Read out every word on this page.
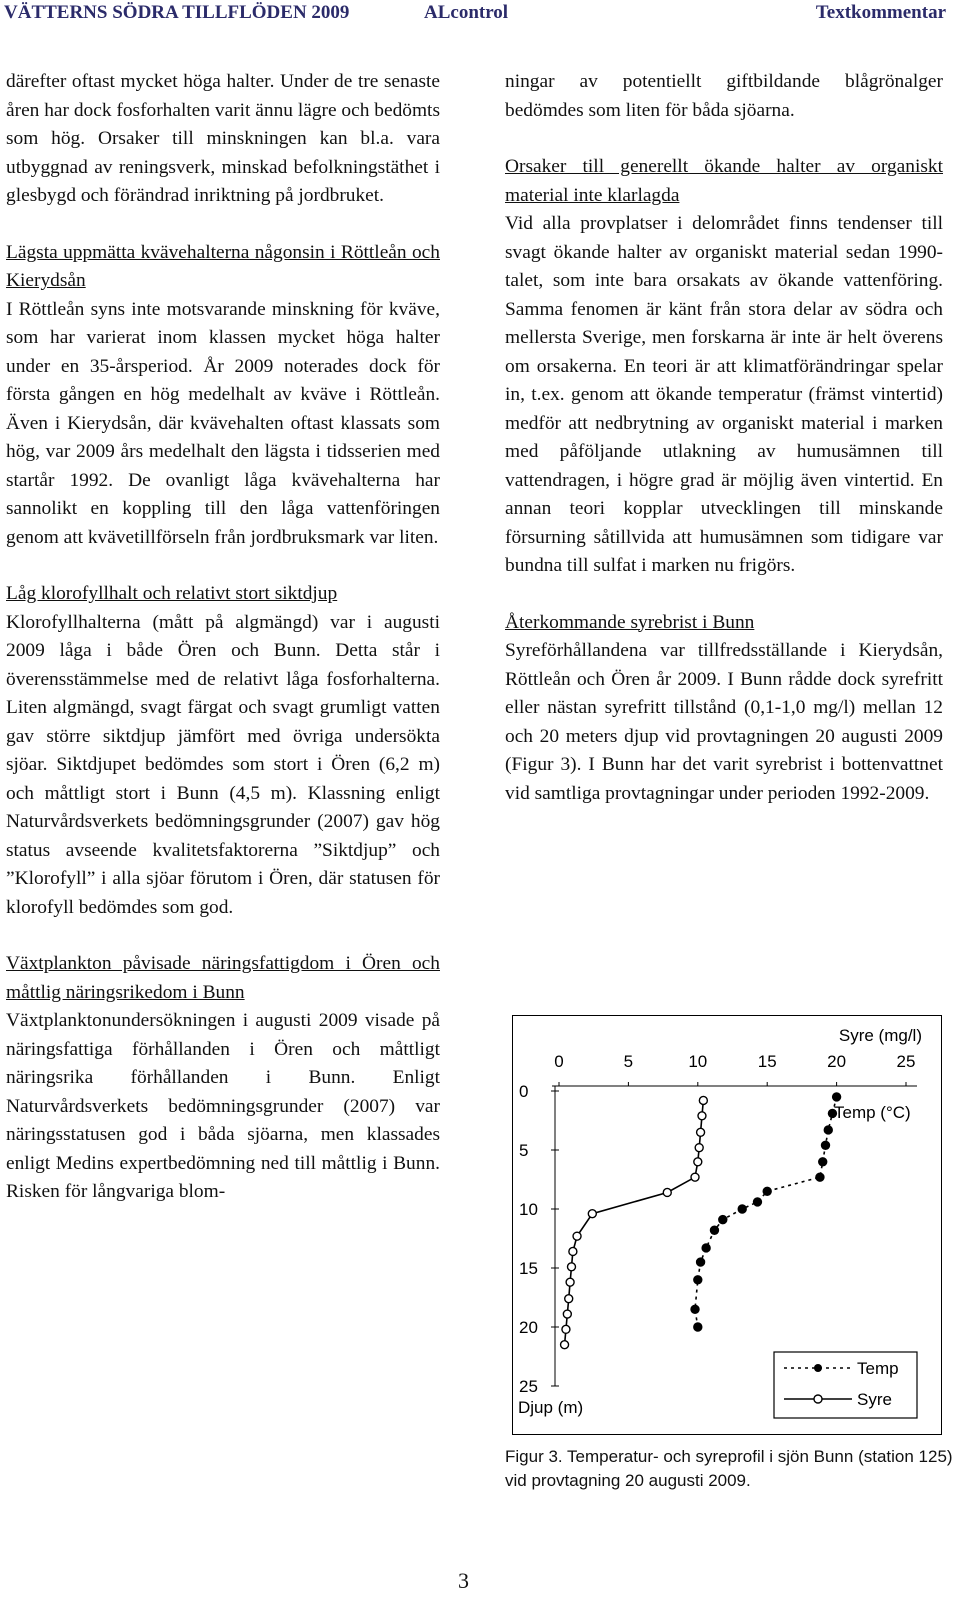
VÄTTERNS SÖDRA TILLFLÖDEN 2009	ALcontrol	Textkommentar

därefter oftast mycket höga halter. Under de tre senaste åren har dock fosforhalten varit ännu lägre och bedömts som hög. Orsaker till minskningen kan bl.a. vara utbyggnad av reningsverk, minskad befolkningstäthet i glesbygd och förändrad inriktning på jordbruket.

Lägsta uppmätta kvävehalterna någonsin i Röttleån och Kierydsån

I Röttleån syns inte motsvarande minskning för kväve, som har varierat inom klassen mycket höga halter under en 35-årsperiod. År 2009 noterades dock för första gången en hög medelhalt av kväve i Röttleån. Även i Kierydsån, där kvävehalten oftast klassats som hög, var 2009 års medelhalt den lägsta i tidsserien med startår 1992. De ovanligt låga kvävehalterna har sannolikt en koppling till den låga vattenföringen genom att kvävetillförseln från jordbruksmark var liten.

Låg klorofyllhalt och relativt stort siktdjup

Klorofyllhalterna (mått på algmängd) var i augusti 2009 låga i både Ören och Bunn. Detta står i överensstämmelse med de relativt låga fosforhalterna. Liten algmängd, svagt färgat och svagt grumligt vatten gav större siktdjup jämfört med övriga undersökta sjöar. Siktdjupet bedömdes som stort i Ören (6,2 m) och måttligt stort i Bunn (4,5 m). Klassning enligt Naturvårdsverkets bedömningsgrunder (2007) gav hög status avseende kvalitetsfaktorerna ”Siktdjup” och ”Klorofyll” i alla sjöar förutom i Ören, där statusen för klorofyll bedömdes som god.

Växtplankton påvisade näringsfattigdom i Ören och måttlig näringsrikedom i Bunn

Växtplanktonundersökningen i augusti 2009 visade på näringsfattiga förhållanden i Ören och måttligt näringsrika förhållanden i Bunn. Enligt Naturvårdsverkets bedömningsgrunder (2007) var näringsstatusen god i båda sjöarna, men klassades enligt Medins expertbedömning ned till måttlig i Bunn. Risken för långvariga blom-

ningar av potentiellt giftbildande blågrönalger bedömdes som liten för båda sjöarna.

Orsaker till generellt ökande halter av organiskt material inte klarlagda

Vid alla provplatser i delområdet finns tendenser till svagt ökande halter av organiskt material sedan 1990-talet, som inte bara orsakats av ökande vattenföring. Samma fenomen är känt från stora delar av södra och mellersta Sverige, men forskarna är inte är helt överens om orsakerna. En teori är att klimatförändringar spelar in, t.ex. genom att ökande temperatur (främst vintertid) medför att nedbrytning av organiskt material i marken med påföljande utlakning av humusämnen till vattendragen, i högre grad är möjlig även vintertid. En annan teori kopplar utvecklingen till minskande försurning såtillvida att humusämnen som tidigare var bundna till sulfat i marken nu frigörs.

Återkommande syrebrist i Bunn

Syreförhållandena var tillfredsställande i Kierydsån, Röttleån och Ören år 2009. I Bunn rådde dock syrefritt eller nästan syrefritt tillstånd (0,1-1,0 mg/l) mellan 12 och 20 meters djup vid provtagningen 20 augusti 2009 (Figur 3). I Bunn har det varit syrebrist i bottenvattnet vid samtliga provtagningar under perioden 1992-2009.

Syre (mg/l)
0	5	10	15	20	25
0
5
10
15
20
25
Temp (°C)
Djup (m)
Temp
Syre
Figur 3. Temperatur- och syreprofil i sjön Bunn (station 125) vid provtagning 20 augusti 2009.
3
